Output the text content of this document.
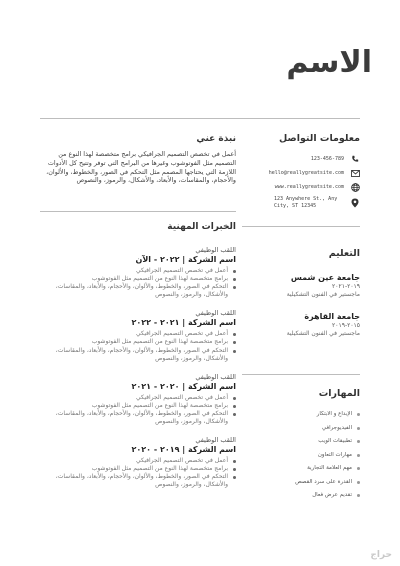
الاسم

معلومات التواصل

123-456-789
hello@reallygreatsite.com
www.reallygreatsite.com
123 Anywhere St., Any City, ST 12345

التعليم

جامعة عين شمس

٢٠١٩-٢٠٢١

ماجستير في الفنون التشكيلية

جامعة القاهرة

٢٠١٥-٢٠١٩

ماجستير في الفنون التشكيلية

المهارات

الإبداع و الابتكار
الفيديوجرافي
تطبيقات الويب
مهارات التعاون
مهم العلامة التجارية
القدرة على سرد القصص
تقديم عرض فعال

نبذة عني

أعمل في تخصص التصميم الجرافيكي برامج متخصصة لهذا النوع من التصميم مثل الفوتوشوب وغيرها من البرامج التي توفر وتتيح كل الأدوات اللازمة التي يحتاجها المصمم مثل التحكم في الصور، والخطوط، والألوان، والأحجام، والمقاسات، والأبعاد، والأشكال، والرموز، والنصوص

الخبرات المهنية

اللقب الوظيفي

اسم الشركة | ٢٠٢٢ - الآن

أعمل في تخصص التصميم الجرافيكي
برامج متخصصة لهذا النوع من التصميم مثل الفوتوشوب
التحكم في الصور، والخطوط، والألوان، والأحجام، والأبعاد، والمقاسات، والأشكال، والرموز، والنصوص

اللقب الوظيفي

اسم الشركة | ٢٠٢١ - ٢٠٢٢

أعمل في تخصص التصميم الجرافيكي
برامج متخصصة لهذا النوع من التصميم مثل الفوتوشوب
التحكم في الصور، والخطوط، والألوان، والأحجام، والأبعاد، والمقاسات، والأشكال، والرموز، والنصوص

اللقب الوظيفي

اسم الشركة | ٢٠٢٠ - ٢٠٢١

أعمل في تخصص التصميم الجرافيكي
برامج متخصصة لهذا النوع من التصميم مثل الفوتوشوب
التحكم في الصور، والخطوط، والألوان، والأحجام، والأبعاد، والمقاسات، والأشكال، والرموز، والنصوص

اللقب الوظيفي

اسم الشركة | ٢٠١٩ - ٢٠٢٠

أعمل في تخصص التصميم الجرافيكي
برامج متخصصة لهذا النوع من التصميم مثل الفوتوشوب
التحكم في الصور، والخطوط، والألوان، والأحجام، والأبعاد، والمقاسات، والأشكال، والرموز، والنصوص
حراج
